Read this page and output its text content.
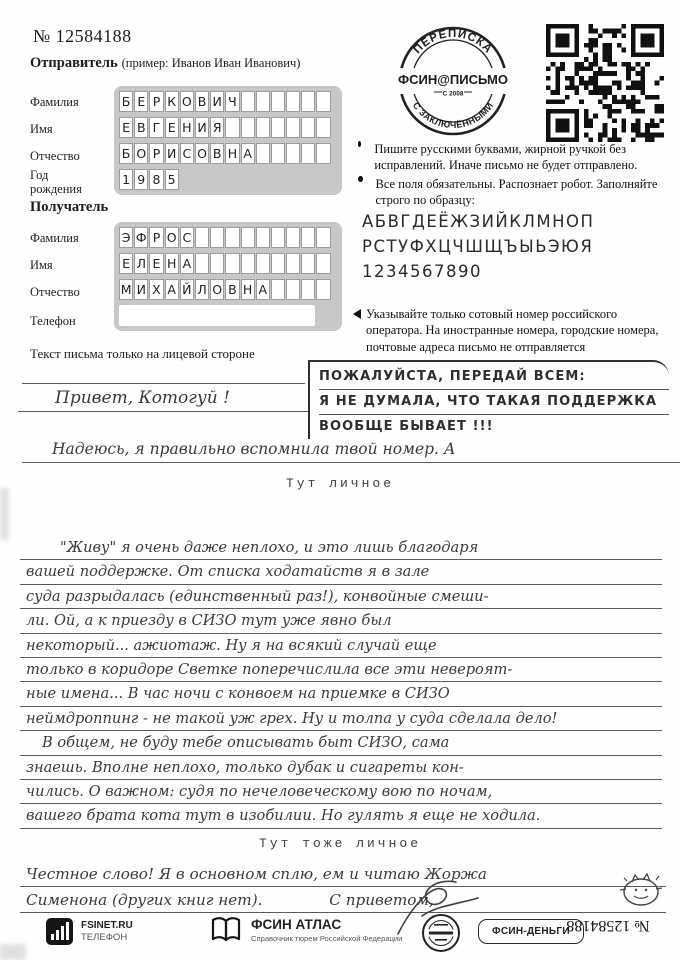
№ 12584188
Отправитель (пример: Иванов Иван Иванович)
Фамилия
Имя
Отчество
Год рождения
Б Е Р К О В И Ч
Е В Г Е Н И Я
Б О Р И С О В Н А
1 9 8 5
Получатель
Фамилия
Имя
Отчество
Телефон
Э Ф Р О С
Е Л Е Н А
М И Х А Й Л О В Н А
Текст письма только на лицевой стороне
ПЕРЕПИСКА
С ЗАКЛЮЧЁННЫМИ
ФСИН@ПИСЬМО
С 2008
Пишите русскими буквами, жирной ручкой без исправлений. Иначе письмо не будет отправлено.
Все поля обязательны. Распознает робот. Заполняйте строго по образцу:
АБВГДЕЁЖЗИЙКЛМНОП
РСТУФХЦЧШЩЪЫЬЭЮЯ
1234567890
Указывайте только сотовый номер российского оператора. На иностранные номера, городские номера, почтовые адреса письмо не отправляется
Привет, Котогуй !
ПОЖАЛУЙСТА, ПЕРЕДАЙ ВСЕМ:
Я НЕ ДУМАЛА, ЧТО ТАКАЯ ПОДДЕРЖКА
ВООБЩЕ БЫВАЕТ !!!
Надеюсь, я правильно вспомнила твой номер. А
Тут личное
"Живу" я очень даже неплохо, и это лишь благодаря
вашей поддержке. От списка ходатайств я в зале
суда разрыдалась (единственный раз!), конвойные смеши-
ли. Ой, а к приезду в СИЗО тут уже явно был
некоторый... ажиотаж. Ну я на всякий случай еще
только в коридоре Светке поперечислила все эти невероят-
ные имена... В час ночи с конвоем на приемке в СИЗО
неймдроппинг - не такой уж грех. Ну и толпа у суда сделала дело!
В общем, не буду тебе описывать быт СИЗО, сама
знаешь. Вполне неплохо, только дубак и сигареты кон-
чились. О важном: судя по нечеловеческому вою по ночам,
вашего брата кота тут в изобилии. Но гулять я еще не ходила.
Тут тоже личное
Честное слово! Я в основном сплю, ем и читаю Жоржа
Сименона (других книг нет).	С приветом,
FSINET.RU
ТЕЛЕФОН
ФСИН АТЛАС
Справочник тюрем Российской Федерации
ФСИН-ДЕНЬГИ
№ 12584188
